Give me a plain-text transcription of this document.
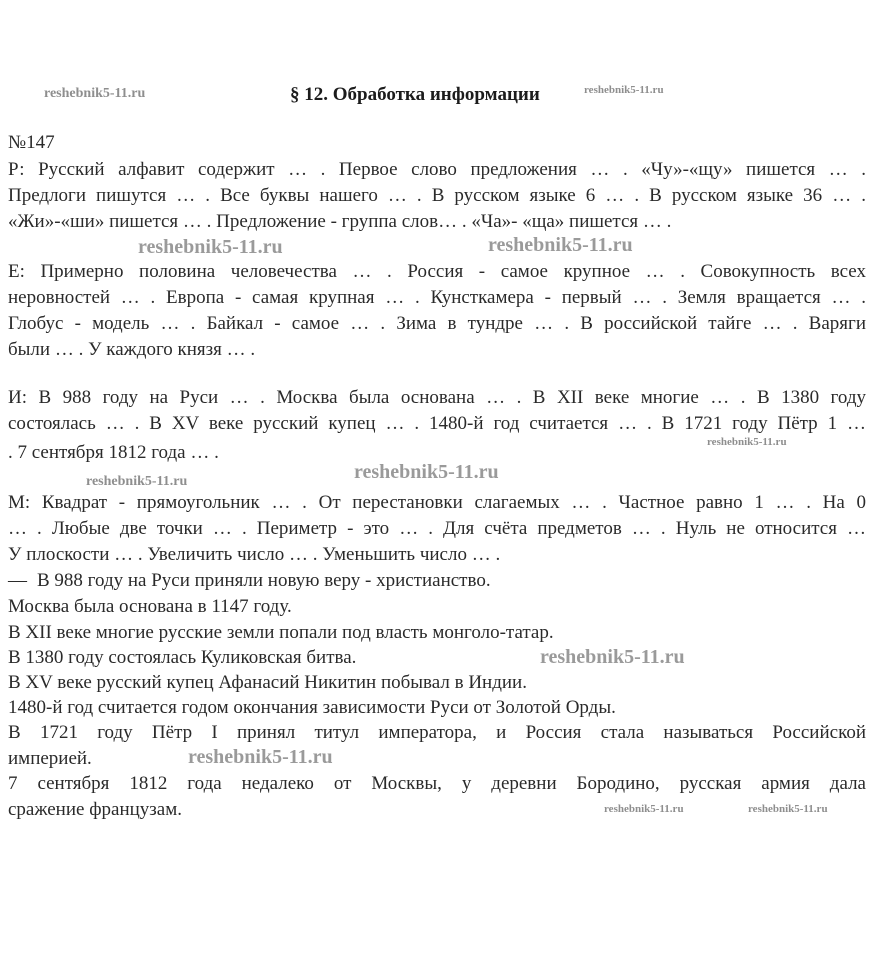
reshebnik5-11.ru	§ 12. Обработка информации	reshebnik5-11.ru
№147
Р: Русский алфавит содержит … . Первое слово предложения … . «Чу»-«щу» пишется … .
Предлоги пишутся … . Все буквы нашего … . В русском языке 6 … . В русском языке 36 … .
«Жи»-«ши» пишется … . Предложение - группа слов… . «Ча»- «ща» пишется … .
reshebnik5-11.ru	reshebnik5-11.ru
Е: Примерно половина человечества … . Россия - самое крупное … . Совокупность всех
неровностей … . Европа - самая крупная … . Кунсткамера - первый … . Земля вращается … .
Глобус - модель … . Байкал - самое … . Зима в тундре … . В российской тайге … . Варяги
были … . У каждого князя … .
И: В 988 году на Руси … . Москва была основана … . В XII веке многие … . В 1380 году
состоялась … . В XV веке русский купец … . 1480-й год считается … . В 1721 году Пётр 1 …
reshebnik5-11.ru
. 7 сентября 1812 года … .
reshebnik5-11.ru	reshebnik5-11.ru
М: Квадрат - прямоугольник … . От перестановки слагаемых … . Частное равно 1 … . На 0
… . Любые две точки … . Периметр - это … . Для счёта предметов … . Нуль не относится …
У плоскости … . Увеличить число … . Уменьшить число … .
— В 988 году на Руси приняли новую веру - христианство.
Москва была основана в 1147 году.
В XII веке многие русские земли попали под власть монголо-татар.
В 1380 году состоялась Куликовская битва.	reshebnik5-11.ru
В XV веке русский купец Афанасий Никитин побывал в Индии.
1480-й год считается годом окончания зависимости Руси от Золотой Орды.
В 1721 году Пётр I принял титул императора, и Россия стала называться Российской
империей.	reshebnik5-11.ru
7 сентября 1812 года недалеко от Москвы, у деревни Бородино, русская армия дала
сражение французам.	reshebnik5-11.ru	reshebnik5-11.ru
